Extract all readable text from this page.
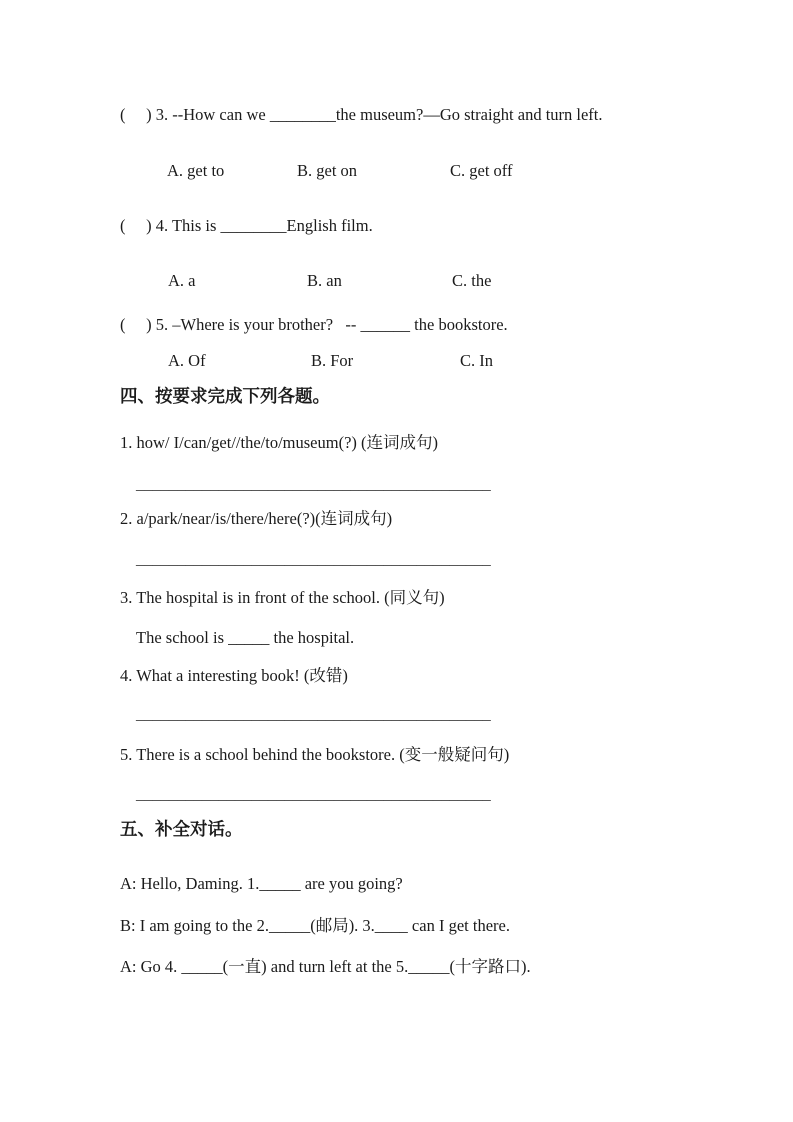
(     ) 3. --How can we ________the museum?—Go straight and turn left.
A. get to	B. get on	C. get off
(     ) 4. This is ________English film.
A. a	B. an	C. the
(     ) 5. –Where is your brother?   -- ______ the bookstore.
A. Of	B. For	C. In
四、按要求完成下列各题。
1. how/ I/can/get//the/to/museum(?) (连词成句)
___________________________________________
2. a/park/near/is/there/here(?)(连词成句)
___________________________________________
3. The hospital is in front of the school. (同义句)
The school is _____ the hospital.
4. What a interesting book! (改错)
___________________________________________
5. There is a school behind the bookstore. (变一般疑问句)
___________________________________________
五、补全对话。
A: Hello, Daming. 1._____ are you going?
B: I am going to the 2._____(邮局). 3.____ can I get there.
A: Go 4. _____(一直) and turn left at the 5._____(十字路口).
